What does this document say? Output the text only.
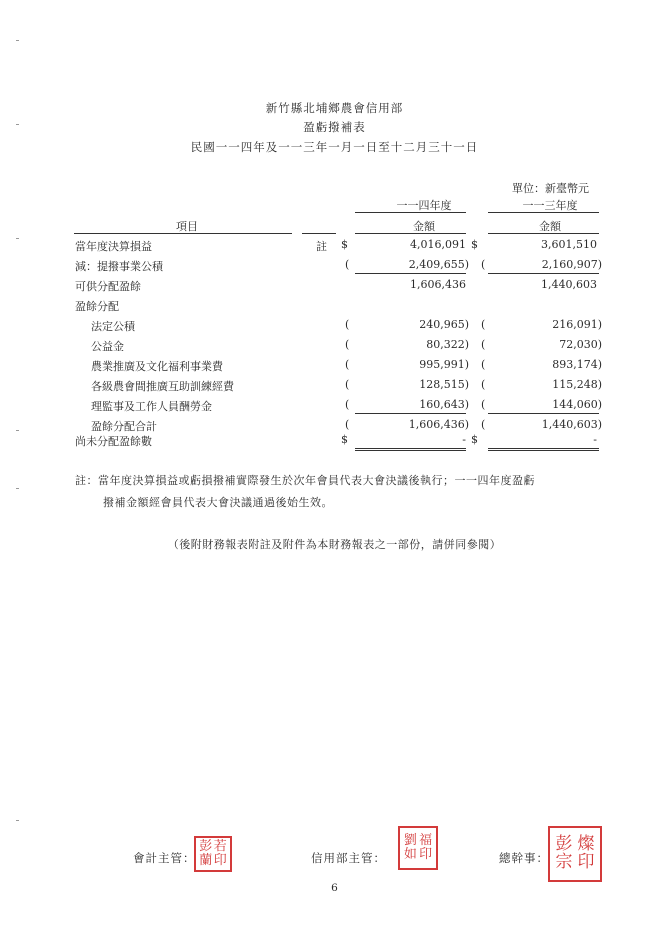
新竹縣北埔鄉農會信用部
盈虧撥補表
民國一一四年及一一三年一月一日至十二月三十一日
單位：新臺幣元
一一四年度	一一三年度
項目	金額	金額
當年度決算損益	註 $	4,016,091 $	3,601,510
減：提撥事業公積	(	2,409,655) (	2,160,907)
可供分配盈餘	1,606,436	1,440,603
盈餘分配
法定公積	(	240,965) (	216,091)
公益金	(	80,322) (	72,030)
農業推廣及文化福利事業費	(	995,991) (	893,174)
各級農會間推廣互助訓練經費	(	128,515) (	115,248)
理監事及工作人員酬勞金	(	160,643) (	144,060)
盈餘分配合計	(	1,606,436) (	1,440,603)
尚未分配盈餘數	$	- $	-
註：當年度決算損益或虧損撥補實際發生於次年會員代表大會決議後執行；一一四年度盈虧
撥補金額經會員代表大會決議通過後始生效。
（後附財務報表附註及附件為本財務報表之一部份，請併同參閱）
會計主管：
彭 若
蘭 印	信用部主管：
劉 福
如 印	總幹事：
彭 燦
宗 印
6
